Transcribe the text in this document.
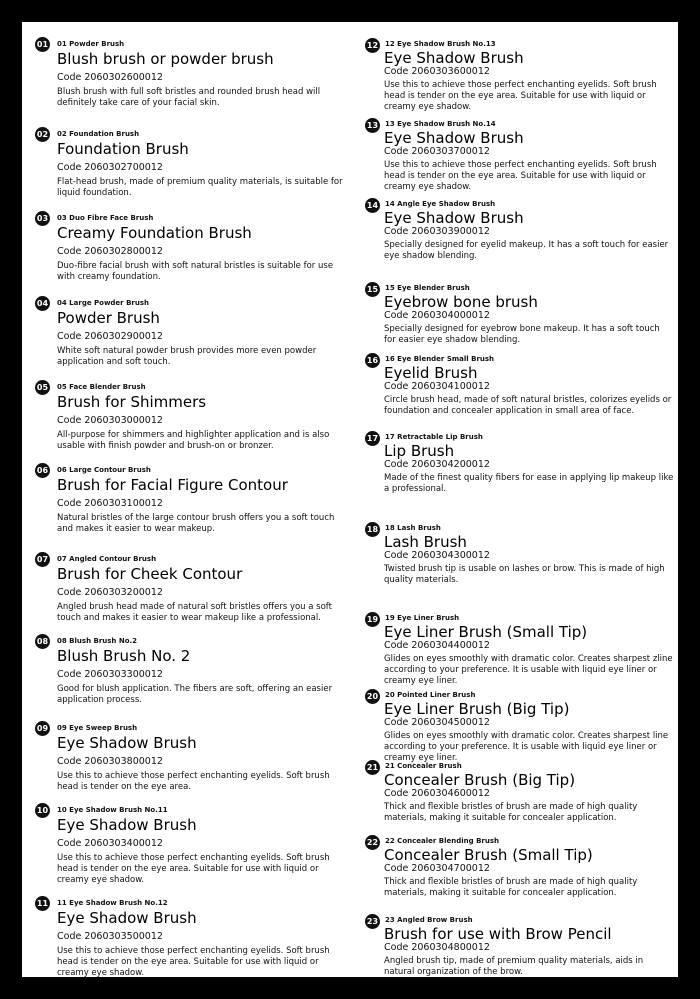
01 01 Powder Brush
Blush brush or powder brush
Code 2060302600012
Blush brush with full soft bristles and rounded brush head will definitely take care of your facial skin.
02 02 Foundation Brush
Foundation Brush
Code 2060302700012
Flat-head brush, made of premium quality materials, is suitable for liquid foundation.
03 03 Duo Fibre Face Brush
Creamy Foundation Brush
Code 2060302800012
Duo-fibre facial brush with soft natural bristles is suitable for use with creamy foundation.
04 04 Large Powder Brush
Powder Brush
Code 2060302900012
White soft natural powder brush provides more even powder application and soft touch.
05 05 Face Blender Brush
Brush for Shimmers
Code 2060303000012
All-purpose for shimmers and highlighter application and is also usable with finish powder and brush-on or bronzer.
06 06 Large Contour Brush
Brush for Facial Figure Contour
Code 2060303100012
Natural bristles of the large contour brush offers you a soft touch and makes it easier to wear makeup.
07 07 Angled Contour Brush
Brush for Cheek Contour
Code 2060303200012
Angled brush head made of natural soft bristles offers you a soft touch and makes it easier to wear makeup like a professional.
08 08 Blush Brush No.2
Blush Brush No. 2
Code 2060303300012
Good for blush application. The fibers are soft, offering an easier application process.
09 09 Eye Sweep Brush
Eye Shadow Brush
Code 2060303800012
Use this to achieve those perfect enchanting eyelids. Soft brush head is tender on the eye area.
10 10 Eye Shadow Brush No.11
Eye Shadow Brush
Code 2060303400012
Use this to achieve those perfect enchanting eyelids. Soft brush head is tender on the eye area. Suitable for use with liquid or creamy eye shadow.
11 11 Eye Shadow Brush No.12
Eye Shadow Brush
Code 2060303500012
Use this to achieve those perfect enchanting eyelids. Soft brush head is tender on the eye area. Suitable for use with liquid or creamy eye shadow.
12 12 Eye Shadow Brush No.13
Eye Shadow Brush
Code 2060303600012
Use this to achieve those perfect enchanting eyelids. Soft brush head is tender on the eye area. Suitable for use with liquid or creamy eye shadow.
13 13 Eye Shadow Brush No.14
Eye Shadow Brush
Code 2060303700012
Use this to achieve those perfect enchanting eyelids. Soft brush head is tender on the eye area. Suitable for use with liquid or creamy eye shadow.
14 14 Angle Eye Shadow Brush
Eye Shadow Brush
Code 2060303900012
Specially designed for eyelid makeup. It has a soft touch for easier eye shadow blending.
15 15 Eye Blender Brush
Eyebrow bone brush
Code 2060304000012
Specially designed for eyebrow bone makeup. It has a soft touch for easier eye shadow blending.
16 16 Eye Blender Small Brush
Eyelid Brush
Code 2060304100012
Circle brush head, made of soft natural bristles, colorizes eyelids or foundation and concealer application in small area of face.
17 17 Retractable Lip Brush
Lip Brush
Code 2060304200012
Made of the finest quality fibers for ease in applying lip makeup like a professional.
18 18 Lash Brush
Lash Brush
Code 2060304300012
Twisted brush tip is usable on lashes or brow. This is made of high quality materials.
19 19 Eye Liner Brush
Eye Liner Brush (Small Tip)
Code 2060304400012
Glides on eyes smoothly with dramatic color. Creates sharpest zline according to your preference. It is usable with liquid eye liner or creamy eye liner.
20 20 Pointed Liner Brush
Eye Liner Brush (Big Tip)
Code 2060304500012
Glides on eyes smoothly with dramatic color. Creates sharpest line according to your preference. It is usable with liquid eye liner or creamy eye liner.
21 21 Concealer Brush
Concealer Brush (Big Tip)
Code 2060304600012
Thick and flexible bristles of brush are made of high quality materials, making it suitable for concealer application.
22 22 Concealer Blending Brush
Concealer Brush (Small Tip)
Code 2060304700012
Thick and flexible bristles of brush are made of high quality materials, making it suitable for concealer application.
23 23 Angled Brow Brush
Brush for use with Brow Pencil
Code 2060304800012
Angled brush tip, made of premium quality materials, aids in natural organization of the brow.
